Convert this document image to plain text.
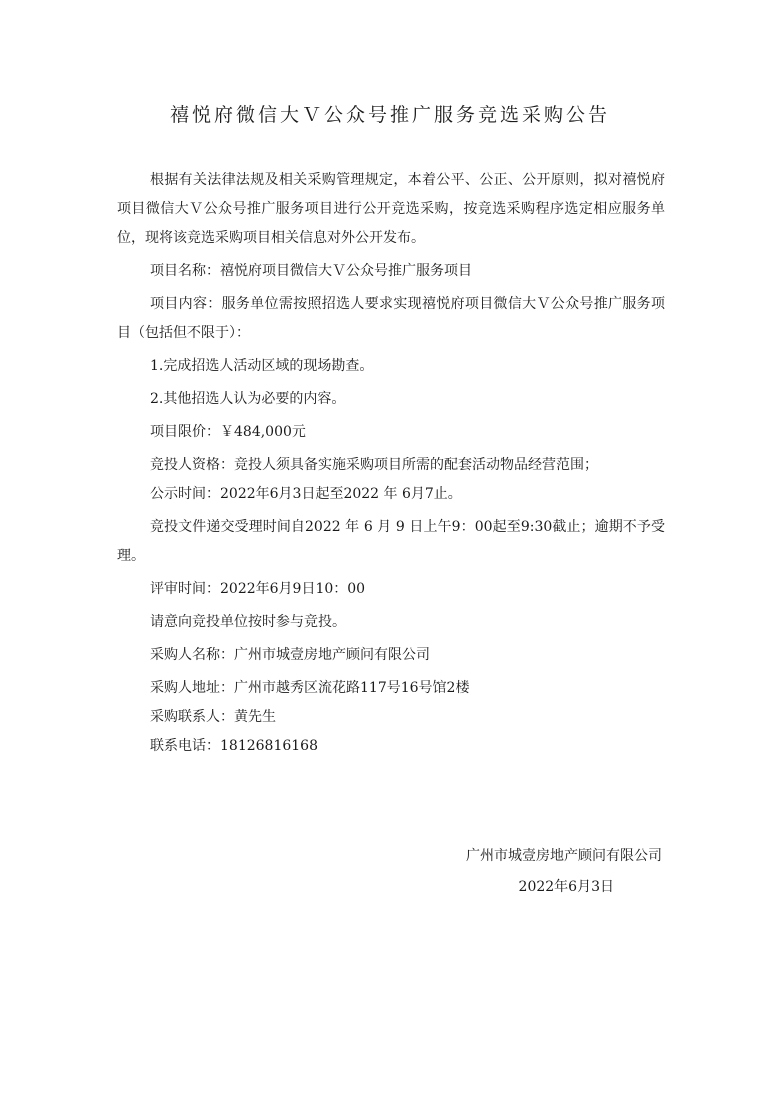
禧悦府微信大Ｖ公众号推广服务竞选采购公告

根据有关法律法规及相关采购管理规定，本着公平、公正、公开原则，拟对禧悦府项目微信大Ｖ公众号推广服务项目进行公开竞选采购，按竞选采购程序选定相应服务单位，现将该竞选采购项目相关信息对外公开发布。

项目名称：禧悦府项目微信大Ｖ公众号推广服务项目

项目内容：服务单位需按照招选人要求实现禧悦府项目微信大Ｖ公众号推广服务项目（包括但不限于）：

1.完成招选人活动区域的现场勘查。

2.其他招选人认为必要的内容。

项目限价：￥484,000元

竞投人资格：竞投人须具备实施采购项目所需的配套活动物品经营范围；

公示时间：2022年6月3日起至2022 年 6月7止。

竞投文件递交受理时间自2022 年 6 月 9 日上午9：00起至9:30截止；逾期不予受理。

评审时间：2022年6月9日10：00

请意向竞投单位按时参与竞投。

采购人名称：广州市城壹房地产顾问有限公司

采购人地址：广州市越秀区流花路117号16号馆2楼

采购联系人：黄先生

联系电话：18126816168

广州市城壹房地产顾问有限公司
2022年6月3日
